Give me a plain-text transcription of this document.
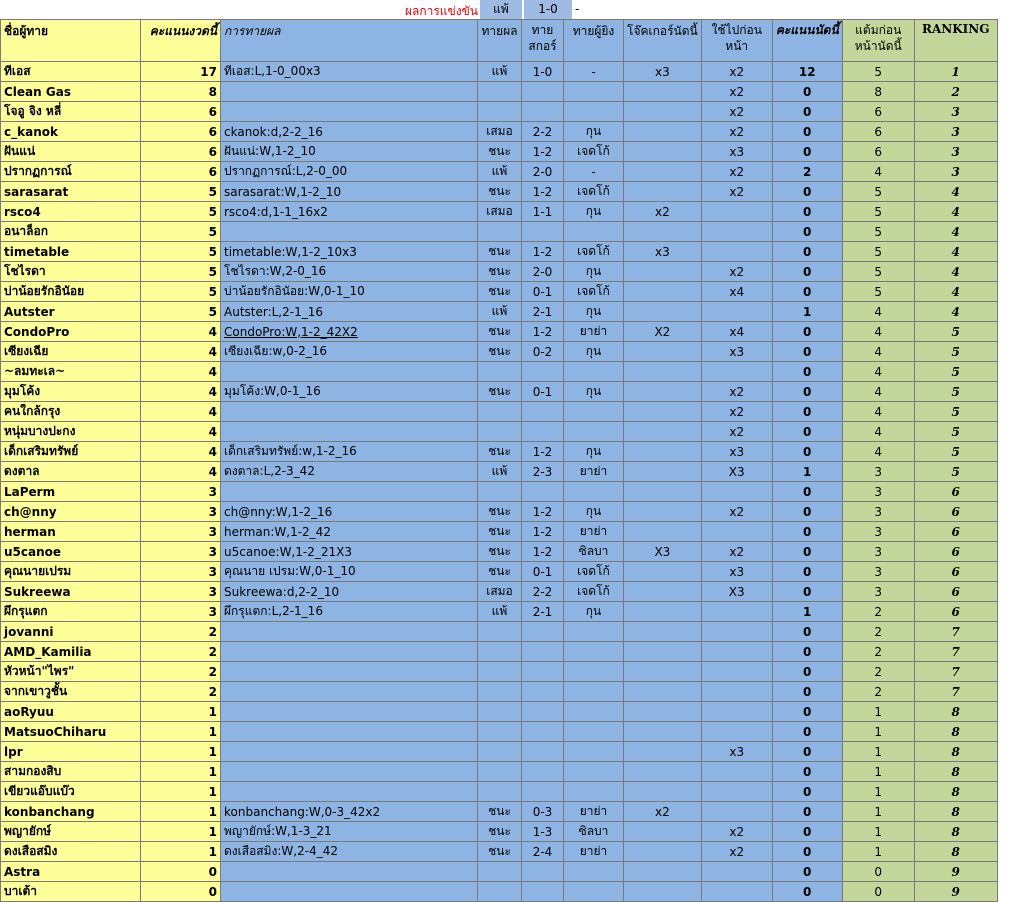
ผลการแข่งขัน	แพ้	1-0	-
ชื่อผู้ทาย	คะแนนงวดนี้	การทายผล	ทายผล	ทาย สกอร์	ทายผู้ยิง	โจ๊คเกอร์นัดนี้	ใช้ไปก่อนหน้า	คะแนนนัดนี้	แต้มก่อนหน้านัดนี้	RANKING
ทีเอส	17	ทีเอส:L,1-0_00x3	แพ้	1-0	-	x3	x2	12	5	1
Clean Gas	8						x2	0	8	2
โจอู จิง หลี่	6						x2	0	6	3
c_kanok	6	ckanok:d,2-2_16	เสมอ	2-2	กุน		x2	0	6	3
ฝันแน่	6	ฝันแน่:W,1-2_10	ชนะ	1-2	เจดโก้		x3	0	6	3
ปรากฏการณ์	6	ปรากฏการณ์:L,2-0_00	แพ้	2-0	-		x2	2	4	3
sarasarat	5	sarasarat:W,1-2_10	ชนะ	1-2	เจดโก้		x2	0	5	4
rsco4	5	rsco4:d,1-1_16x2	เสมอ	1-1	กุน	x2		0	5	4
อนาล็อก	5							0	5	4
timetable	5	timetable:W,1-2_10x3	ชนะ	1-2	เจดโก้	x3		0	5	4
โชไรดา	5	โชไรดา:W,2-0_16	ชนะ	2-0	กุน		x2	0	5	4
บ่าน้อยรักอินัอย	5	บ่าน้อยรักอินัอย:W,0-1_10	ชนะ	0-1	เจดโก้		x4	0	5	4
Autster	5	Autster:L,2-1_16	แพ้	2-1	กุน			1	4	4
CondoPro	4	CondoPro:W,1-2_42X2	ชนะ	1-2	ยาย่า	X2	x4	0	4	5
เซียงเฉีย	4	เซียงเฉีย:w,0-2_16	ชนะ	0-2	กุน		x3	0	4	5
~ลมทะเล~	4							0	4	5
มุมโค้ง	4	มุมโค้ง:W,0-1_16	ชนะ	0-1	กุน		x2	0	4	5
คนใกล้กรุง	4						x2	0	4	5
หนุ่มบางปะกง	4						x2	0	4	5
เด็กเสริมทรัพย์	4	เด็กเสริมทรัพย์:w,1-2_16	ชนะ	1-2	กุน		x3	0	4	5
ดงตาล	4	ดงตาล:L,2-3_42	แพ้	2-3	ยาย่า		X3	1	3	5
LaPerm	3							0	3	6
ch@nny	3	ch@nny:W,1-2_16	ชนะ	1-2	กุน		x2	0	3	6
herman	3	herman:W,1-2_42	ชนะ	1-2	ยาย่า			0	3	6
u5canoe	3	u5canoe:W,1-2_21X3	ชนะ	1-2	ซิลบา	X3	x2	0	3	6
คุณนายเปรม	3	คุณนาย เปรม:W,0-1_10	ชนะ	0-1	เจดโก้		x3	0	3	6
Sukreewa	3	Sukreewa:d,2-2_10	เสมอ	2-2	เจดโก้		X3	0	3	6
ผึกรุแตก	3	ผึกรุแตก:L,2-1_16	แพ้	2-1	กุน			1	2	6
jovanni	2							0	2	7
AMD_Kamilia	2							0	2	7
หัวหน้า"ไพร"	2							0	2	7
จากเขาวูชั้น	2							0	2	7
aoRyuu	1							0	1	8
MatsuoChiharu	1							0	1	8
lpr	1						x3	0	1	8
สามกองสิบ	1							0	1	8
เขียวแอ๊บแบ๊ว	1							0	1	8
konbanchang	1	konbanchang:W,0-3_42x2	ชนะ	0-3	ยาย่า	x2		0	1	8
พญายักษ์	1	พญายักษ์:W,1-3_21	ชนะ	1-3	ซิลบา		x2	0	1	8
ดงเสือสมิง	1	ดงเสือสมิง:W,2-4_42	ชนะ	2-4	ยาย่า		x2	0	1	8
Astra	0							0	0	9
บาเต้า	0							0	0	9
